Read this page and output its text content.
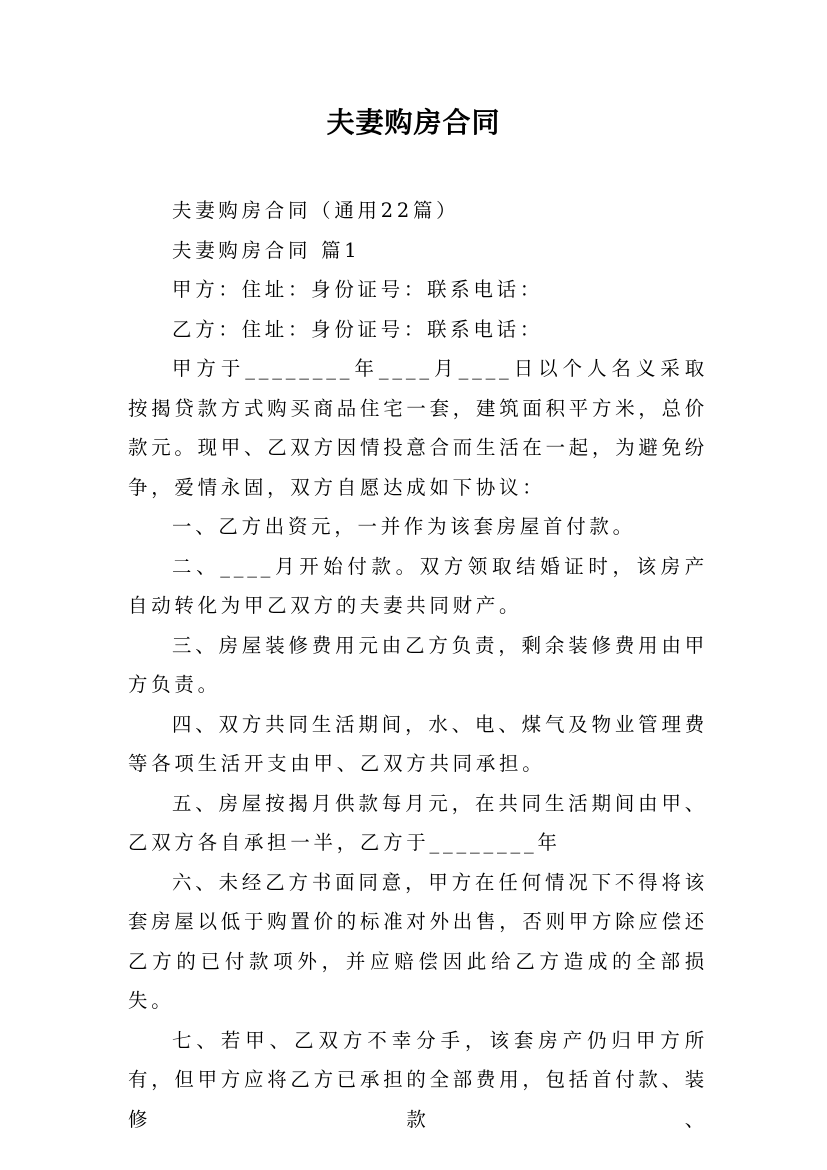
夫妻购房合同

夫妻购房合同（通用22篇）

夫妻购房合同 篇1

甲方：住址：身份证号：联系电话：

乙方：住址：身份证号：联系电话：

甲方于________年____月____日以个人名义采取按揭贷款方式购买商品住宅一套，建筑面积平方米，总价款元。现甲、乙双方因情投意合而生活在一起，为避免纷争，爱情永固，双方自愿达成如下协议：

一、乙方出资元，一并作为该套房屋首付款。

二、____月开始付款。双方领取结婚证时，该房产自动转化为甲乙双方的夫妻共同财产。

三、房屋装修费用元由乙方负责，剩余装修费用由甲方负责。

四、双方共同生活期间，水、电、煤气及物业管理费等各项生活开支由甲、乙双方共同承担。

五、房屋按揭月供款每月元，在共同生活期间由甲、乙双方各自承担一半，乙方于________年

六、未经乙方书面同意，甲方在任何情况下不得将该套房屋以低于购置价的标准对外出售，否则甲方除应偿还乙方的已付款项外，并应赔偿因此给乙方造成的全部损失。

七、若甲、乙双方不幸分手，该套房产仍归甲方所有，但甲方应将乙方已承担的全部费用，包括首付款、装修款、
